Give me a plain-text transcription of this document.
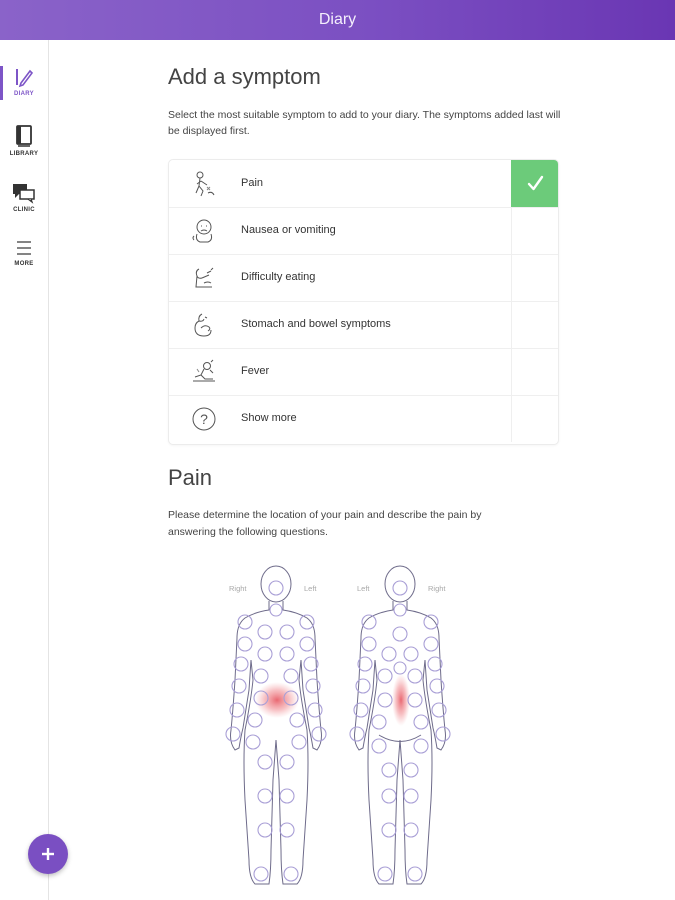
Diary
DIARY
LIBRARY
CLINIC
MORE
Add a symptom

Select the most suitable symptom to add to your diary. The symptoms added last will be displayed first.

Pain
Nausea or vomiting
Difficulty eating
Stomach and bowel symptoms
Fever
?	Show more
Pain

Please determine the location of your pain and describe the pain by answering the following questions.

Right	Left	Left	Right
